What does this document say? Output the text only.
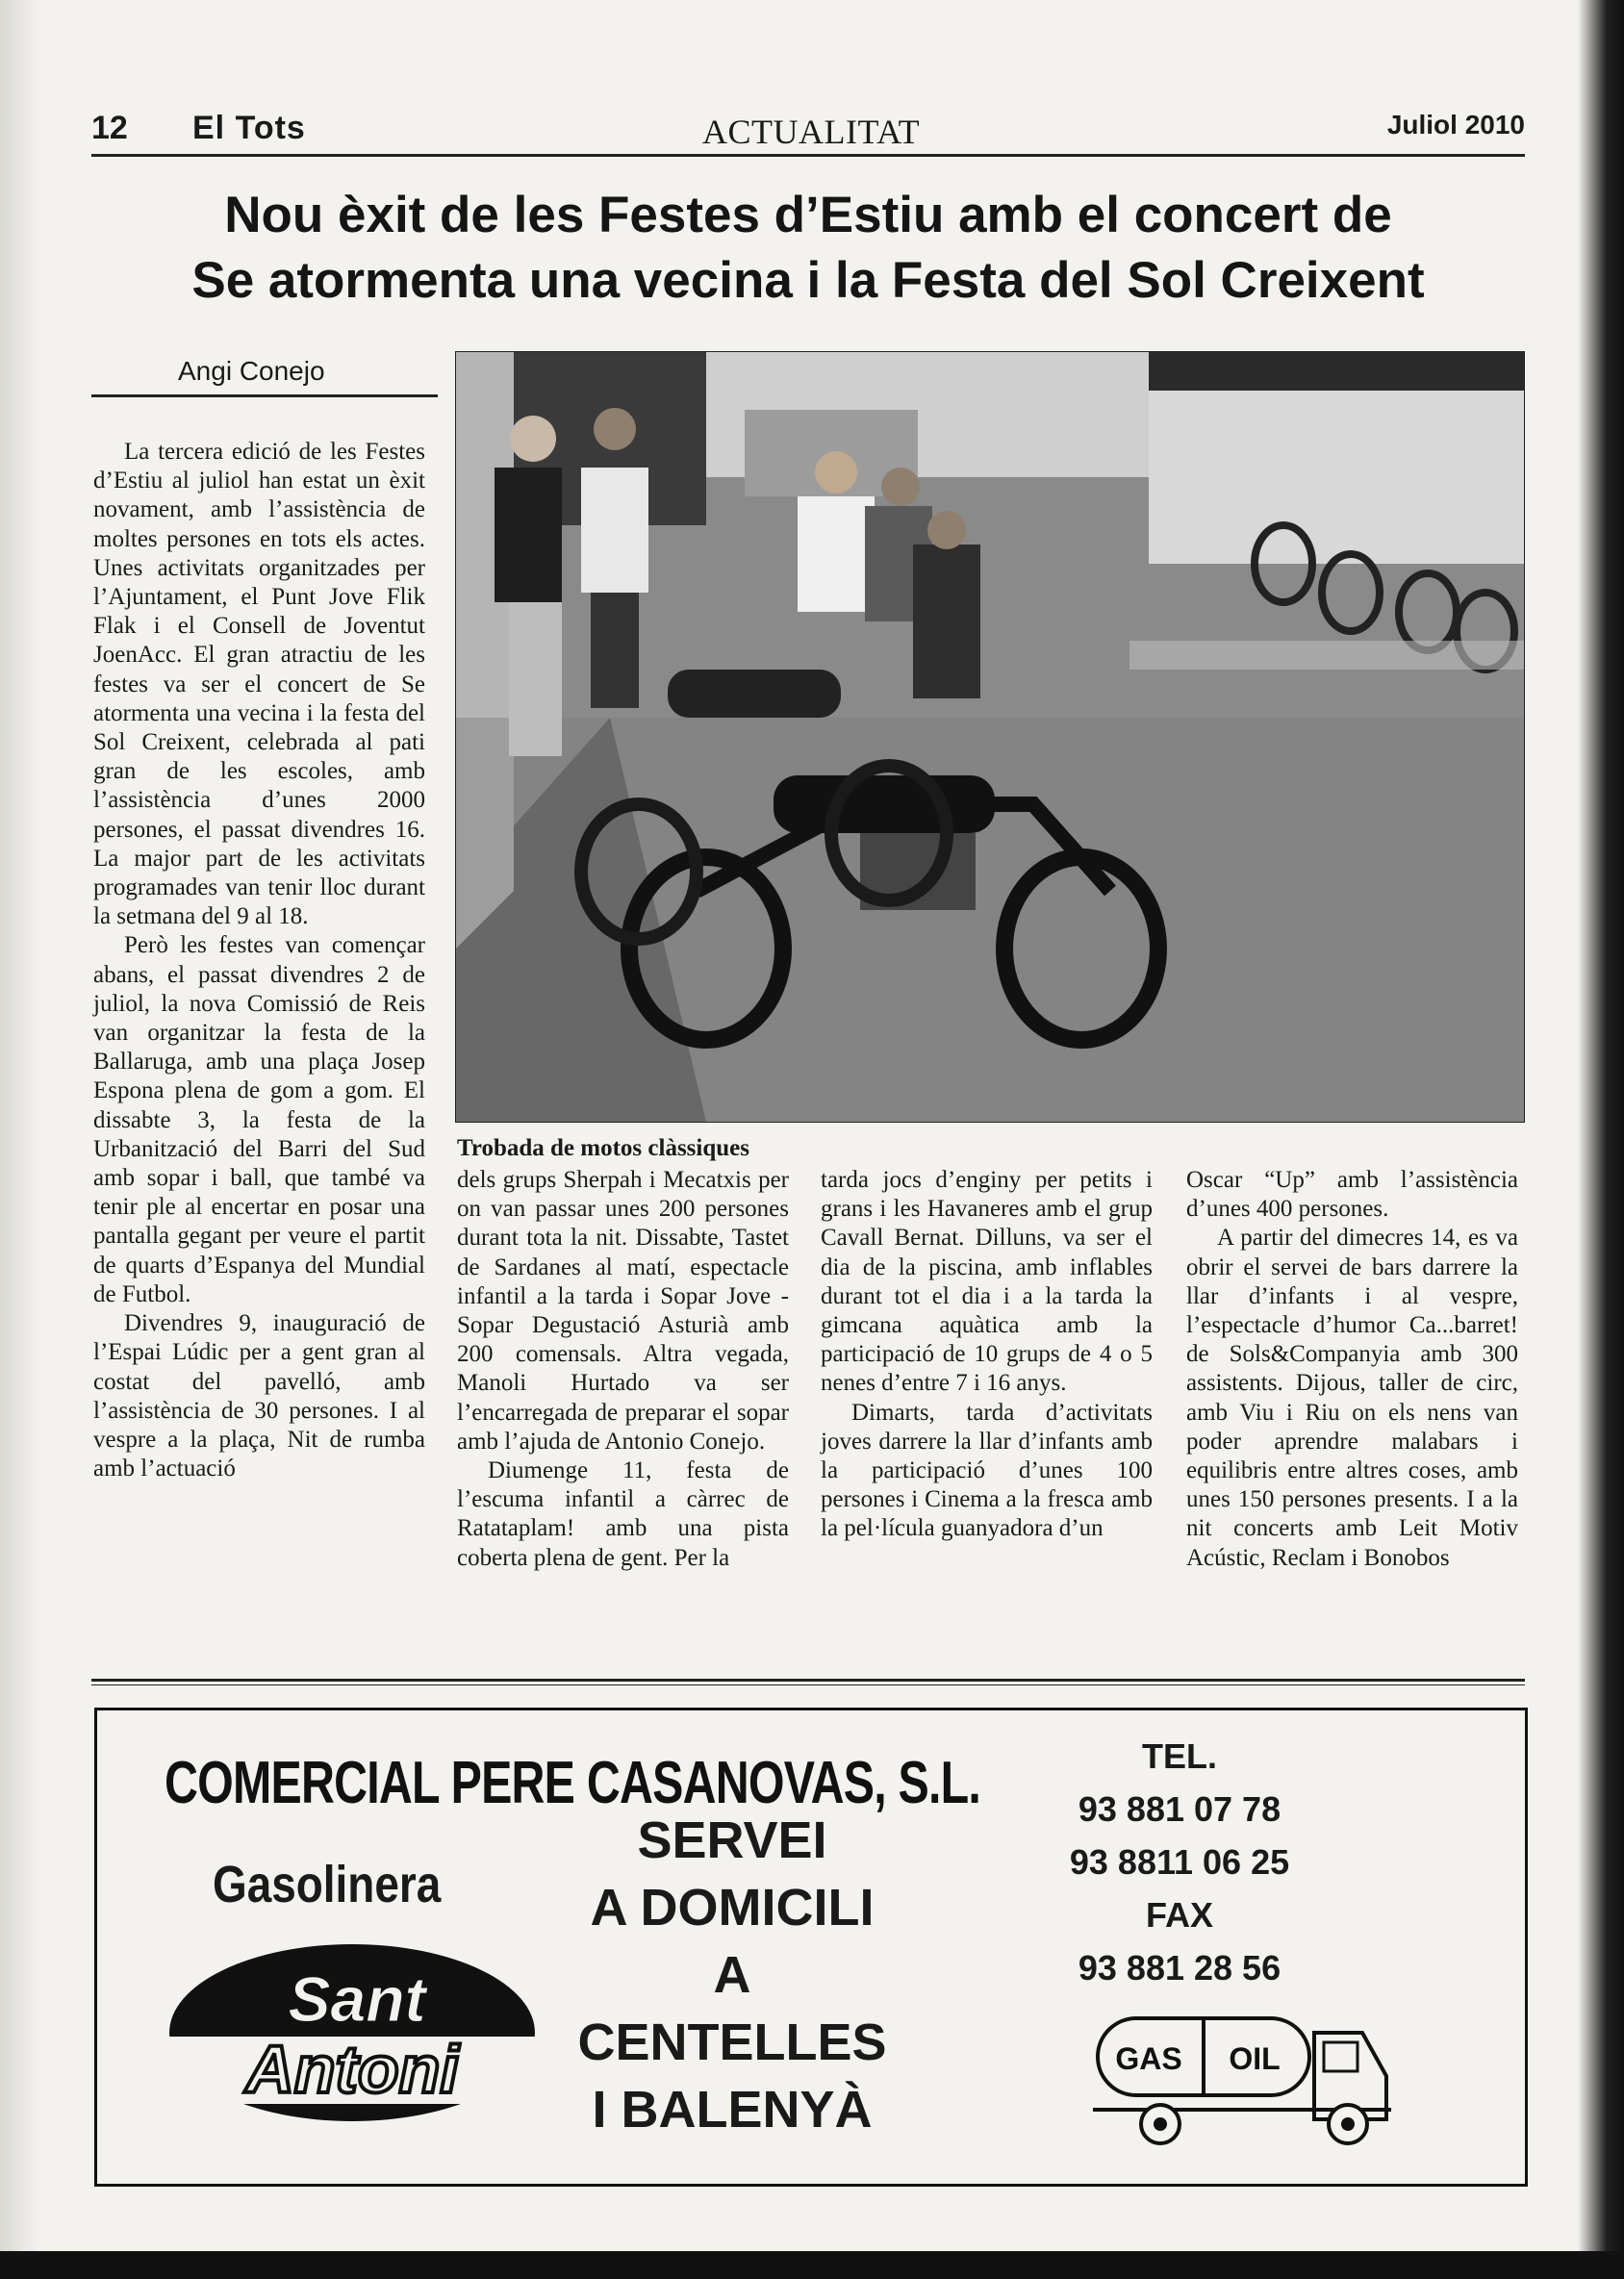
12 El Tots	ACTUALITAT	Juliol 2010
Nou èxit de les Festes d’Estiu amb el concert de
Se atormenta una vecina i la Festa del Sol Creixent
Angi Conejo

La tercera edició de les Festes d’Estiu al juliol han estat un èxit novament, amb l’assistència de moltes persones en tots els actes. Unes activitats organitzades per l’Ajuntament, el Punt Jove Flik Flak i el Consell de Joventut JoenAcc. El gran atractiu de les festes va ser el concert de Se atormenta una vecina i la festa del Sol Creixent, celebrada al pati gran de les escoles, amb l’assistència d’unes 2000 persones, el passat divendres 16. La major part de les activitats programades van tenir lloc durant la setmana del 9 al 18.

Però les festes van començar abans, el passat divendres 2 de juliol, la nova Comissió de Reis van organitzar la festa de la Ballaruga, amb una plaça Josep Espona plena de gom a gom. El dissabte 3, la festa de la Urbanització del Barri del Sud amb sopar i ball, que també va tenir ple al encertar en posar una pantalla gegant per veure el partit de quarts d’Espanya del Mundial de Futbol.

Divendres 9, inauguració de l’Espai Lúdic per a gent gran al costat del pavelló, amb l’assistència de 30 persones. I al vespre a la plaça, Nit de rumba amb l’actuació

Trobada de motos clàssiques

dels grups Sherpah i Mecatxis per on van passar unes 200 persones durant tota la nit. Dissabte, Tastet de Sardanes al matí, espectacle infantil a la tarda i Sopar Jove - Sopar Degustació Asturià amb 200 comensals. Altra vegada, Manoli Hurtado va ser l’encarregada de preparar el sopar amb l’ajuda de Antonio Conejo.

Diumenge 11, festa de l’escuma infantil a càrrec de Ratataplam! amb una pista coberta plena de gent. Per la

tarda jocs d’enginy per petits i grans i les Havaneres amb el grup Cavall Bernat. Dilluns, va ser el dia de la piscina, amb inflables durant tot el dia i a la tarda la gimcana aquàtica amb la participació de 10 grups de 4 o 5 nenes d’entre 7 i 16 anys.

Dimarts, tarda d’activitats joves darrere la llar d’infants amb la participació d’unes 100 persones i Cinema a la fresca amb la pel·lícula guanyadora d’un

Oscar “Up” amb l’assistència d’unes 400 persones.

A partir del dimecres 14, es va obrir el servei de bars darrere la llar d’infants i al vespre, l’espectacle d’humor Ca...barret! de Sols&Companyia amb 300 assistents. Dijous, taller de circ, amb Viu i Riu on els nens van poder aprendre malabars i equilibris entre altres coses, amb unes 150 persones presents. I a la nit concerts amb Leit Motiv Acústic, Reclam i Bonobos

COMERCIAL PERE CASANOVAS, S.L.
Gasolinera
Sant
Antoni
SERVEI
A DOMICILI
A CENTELLES
I BALENYÀ
TEL.
93 881 07 78
93 8811 06 25
FAX
93 881 28 56
GAS OIL
